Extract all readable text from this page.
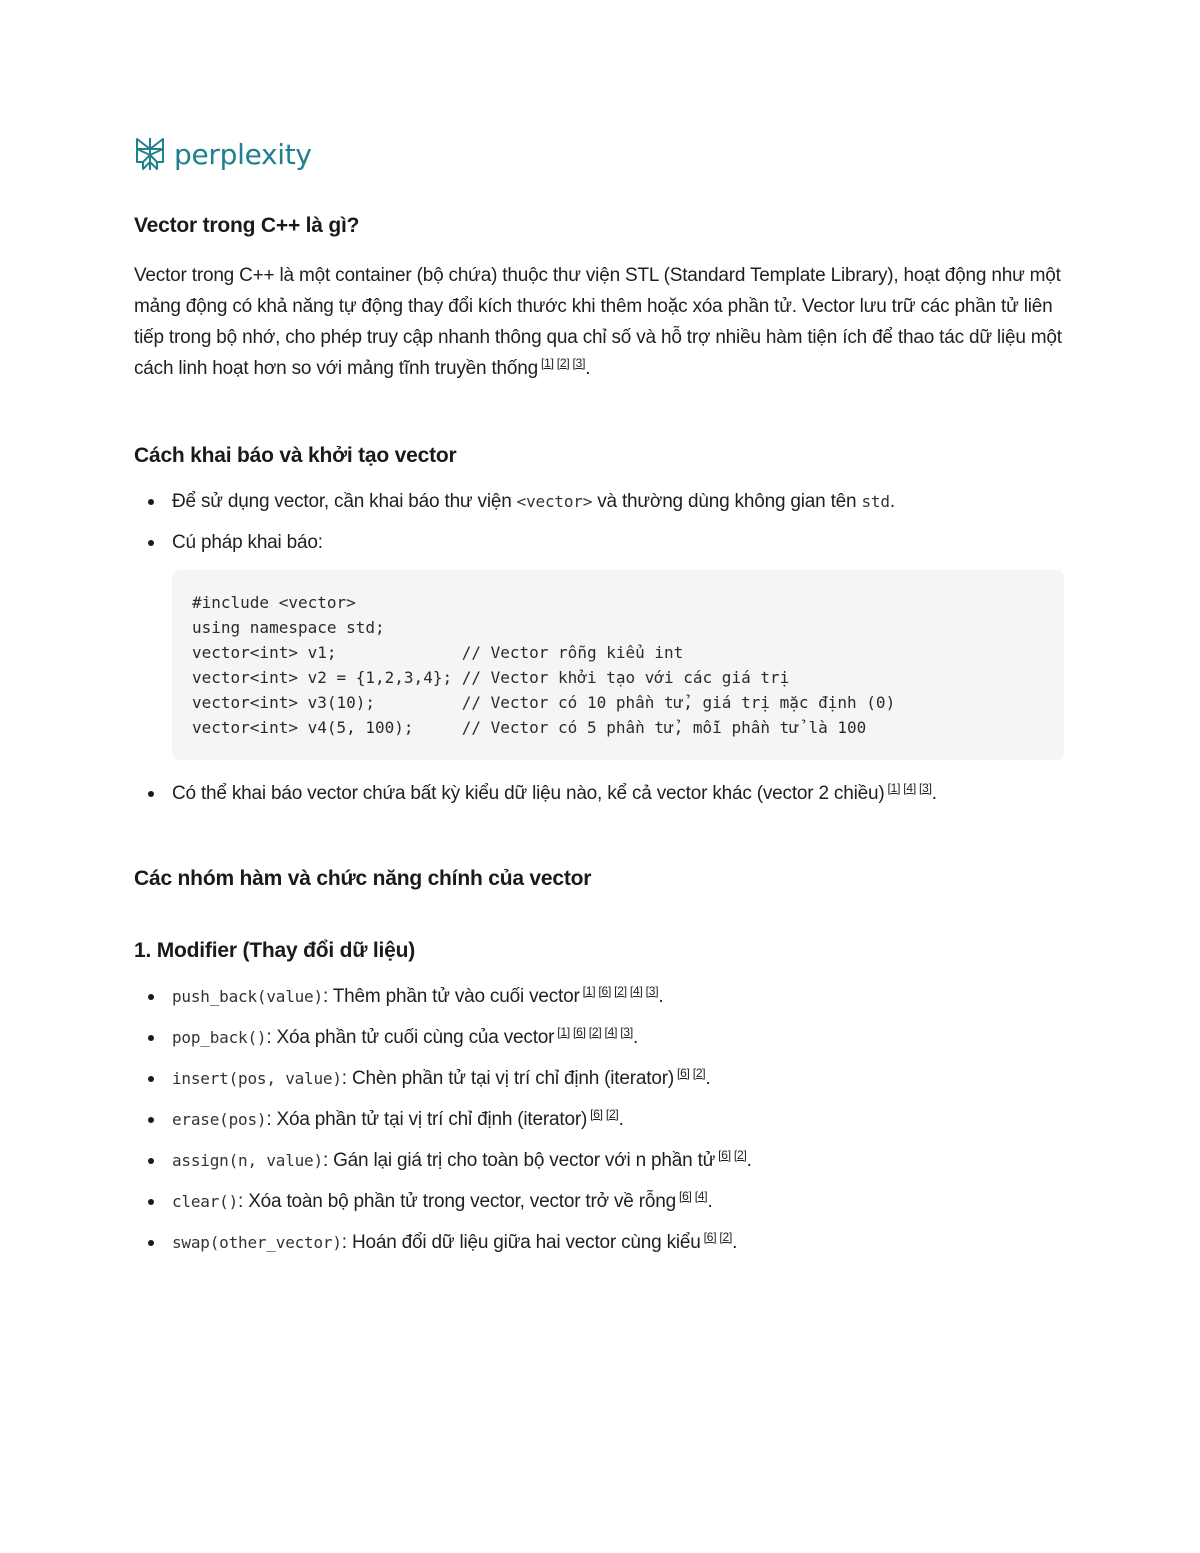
perplexity
Vector trong C++ là gì?

Vector trong C++ là một container (bộ chứa) thuộc thư viện STL (Standard Template Library), hoạt động như một mảng động có khả năng tự động thay đổi kích thước khi thêm hoặc xóa phần tử. Vector lưu trữ các phần tử liên tiếp trong bộ nhớ, cho phép truy cập nhanh thông qua chỉ số và hỗ trợ nhiều hàm tiện ích để thao tác dữ liệu một cách linh hoạt hơn so với mảng tĩnh truyền thống [1] [2] [3].

Cách khai báo và khởi tạo vector
Để sử dụng vector, cần khai báo thư viện <vector> và thường dùng không gian tên std.
Cú pháp khai báo:
#include <vector>
using namespace std;
vector<int> v1;             // Vector rỗng kiểu int
vector<int> v2 = {1,2,3,4}; // Vector khởi tạo với các giá trị
vector<int> v3(10);         // Vector có 10 phần tử, giá trị mặc định (0)
vector<int> v4(5, 100);     // Vector có 5 phần tử, mỗi phần tử là 100
Có thể khai báo vector chứa bất kỳ kiểu dữ liệu nào, kể cả vector khác (vector 2 chiều) [1] [4] [3].
Các nhóm hàm và chức năng chính của vector
1. Modifier (Thay đổi dữ liệu)
push_back(value): Thêm phần tử vào cuối vector [1] [6] [2] [4] [3].
pop_back(): Xóa phần tử cuối cùng của vector [1] [6] [2] [4] [3].
insert(pos, value): Chèn phần tử tại vị trí chỉ định (iterator) [6] [2].
erase(pos): Xóa phần tử tại vị trí chỉ định (iterator) [6] [2].
assign(n, value): Gán lại giá trị cho toàn bộ vector với n phần tử [6] [2].
clear(): Xóa toàn bộ phần tử trong vector, vector trở về rỗng [6] [4].
swap(other_vector): Hoán đổi dữ liệu giữa hai vector cùng kiểu [6] [2].
